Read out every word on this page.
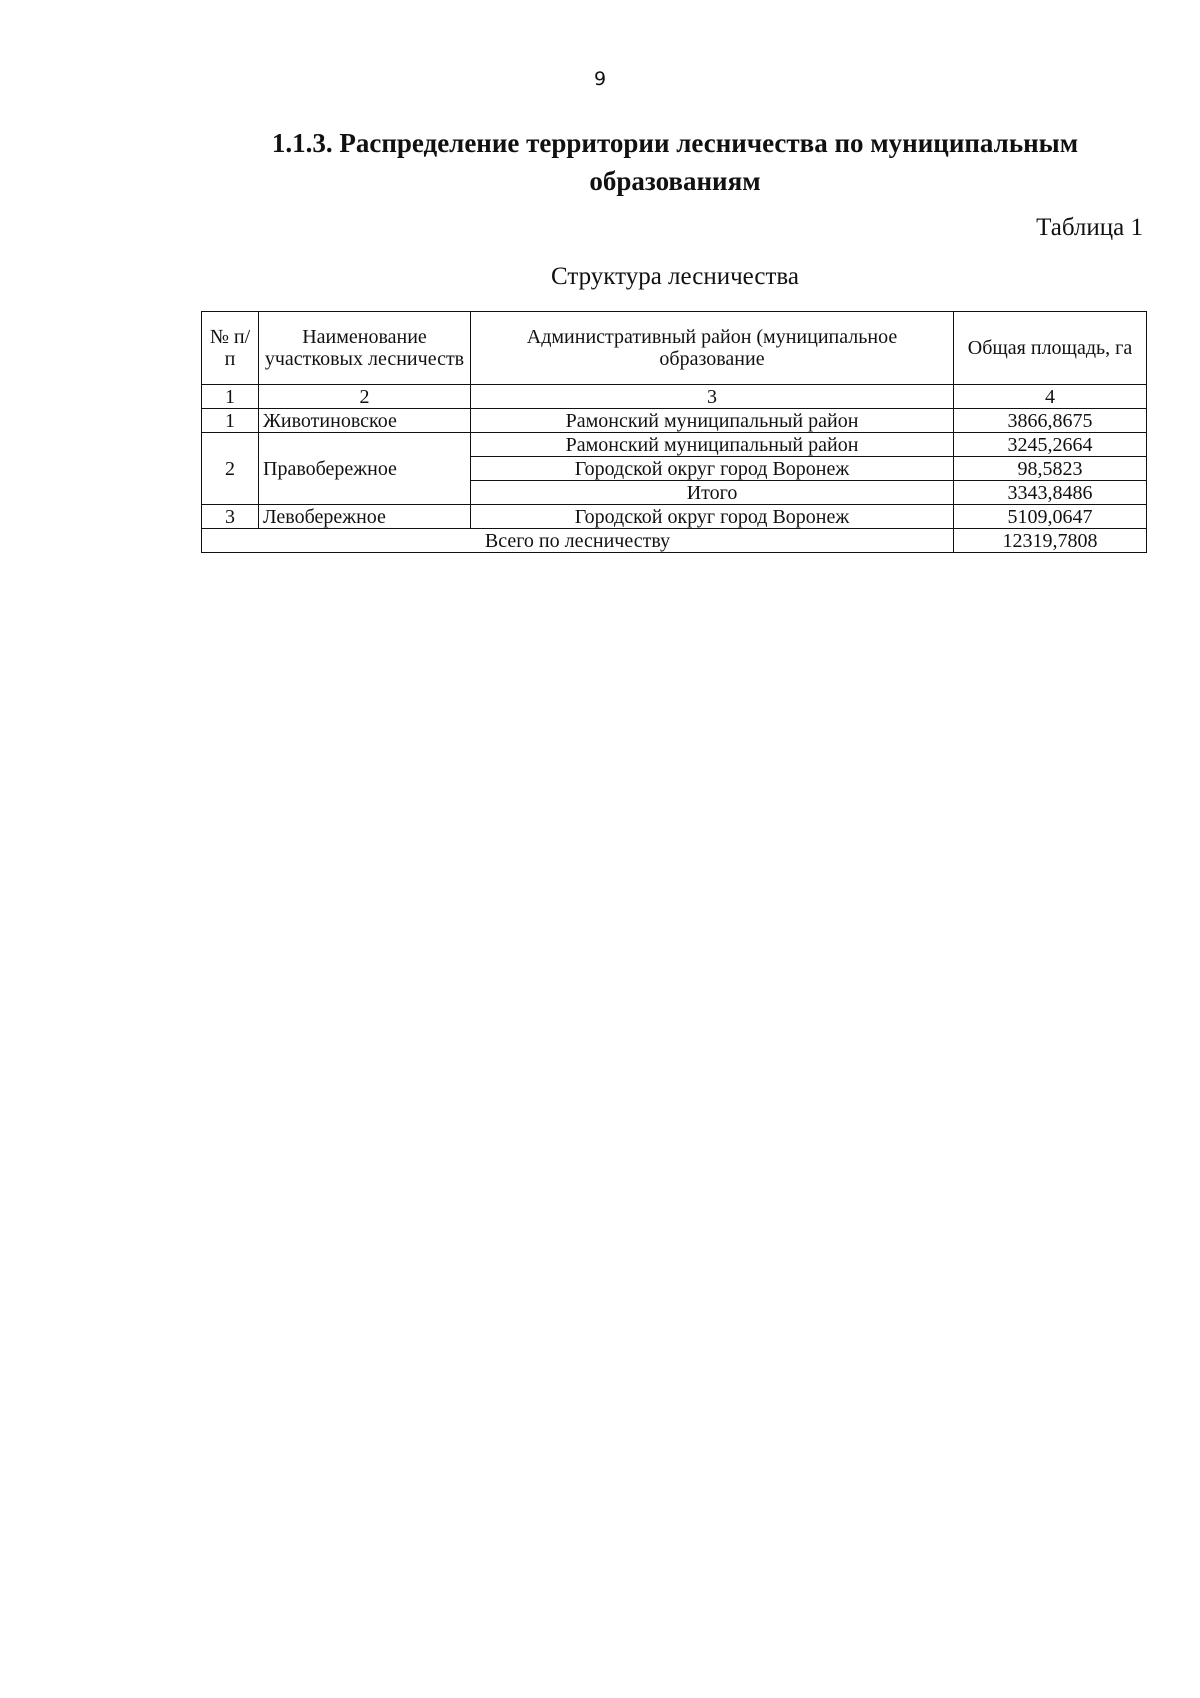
9
1.1.3. Распределение территории лесничества по муниципальным образованиям
Таблица 1
Структура лесничества
№ п/п	Наименование участковых лесничеств	Административный район (муниципальное образование	Общая площадь, га
1	2	3	4
1	Животиновское	Рамонский муниципальный район	3866,8675
2	Правобережное	Рамонский муниципальный район	3245,2664
		Городской округ город Воронеж	98,5823
		Итого	3343,8486
3	Левобережное	Городской округ город Воронеж	5109,0647
Всего по лесничеству			12319,7808
